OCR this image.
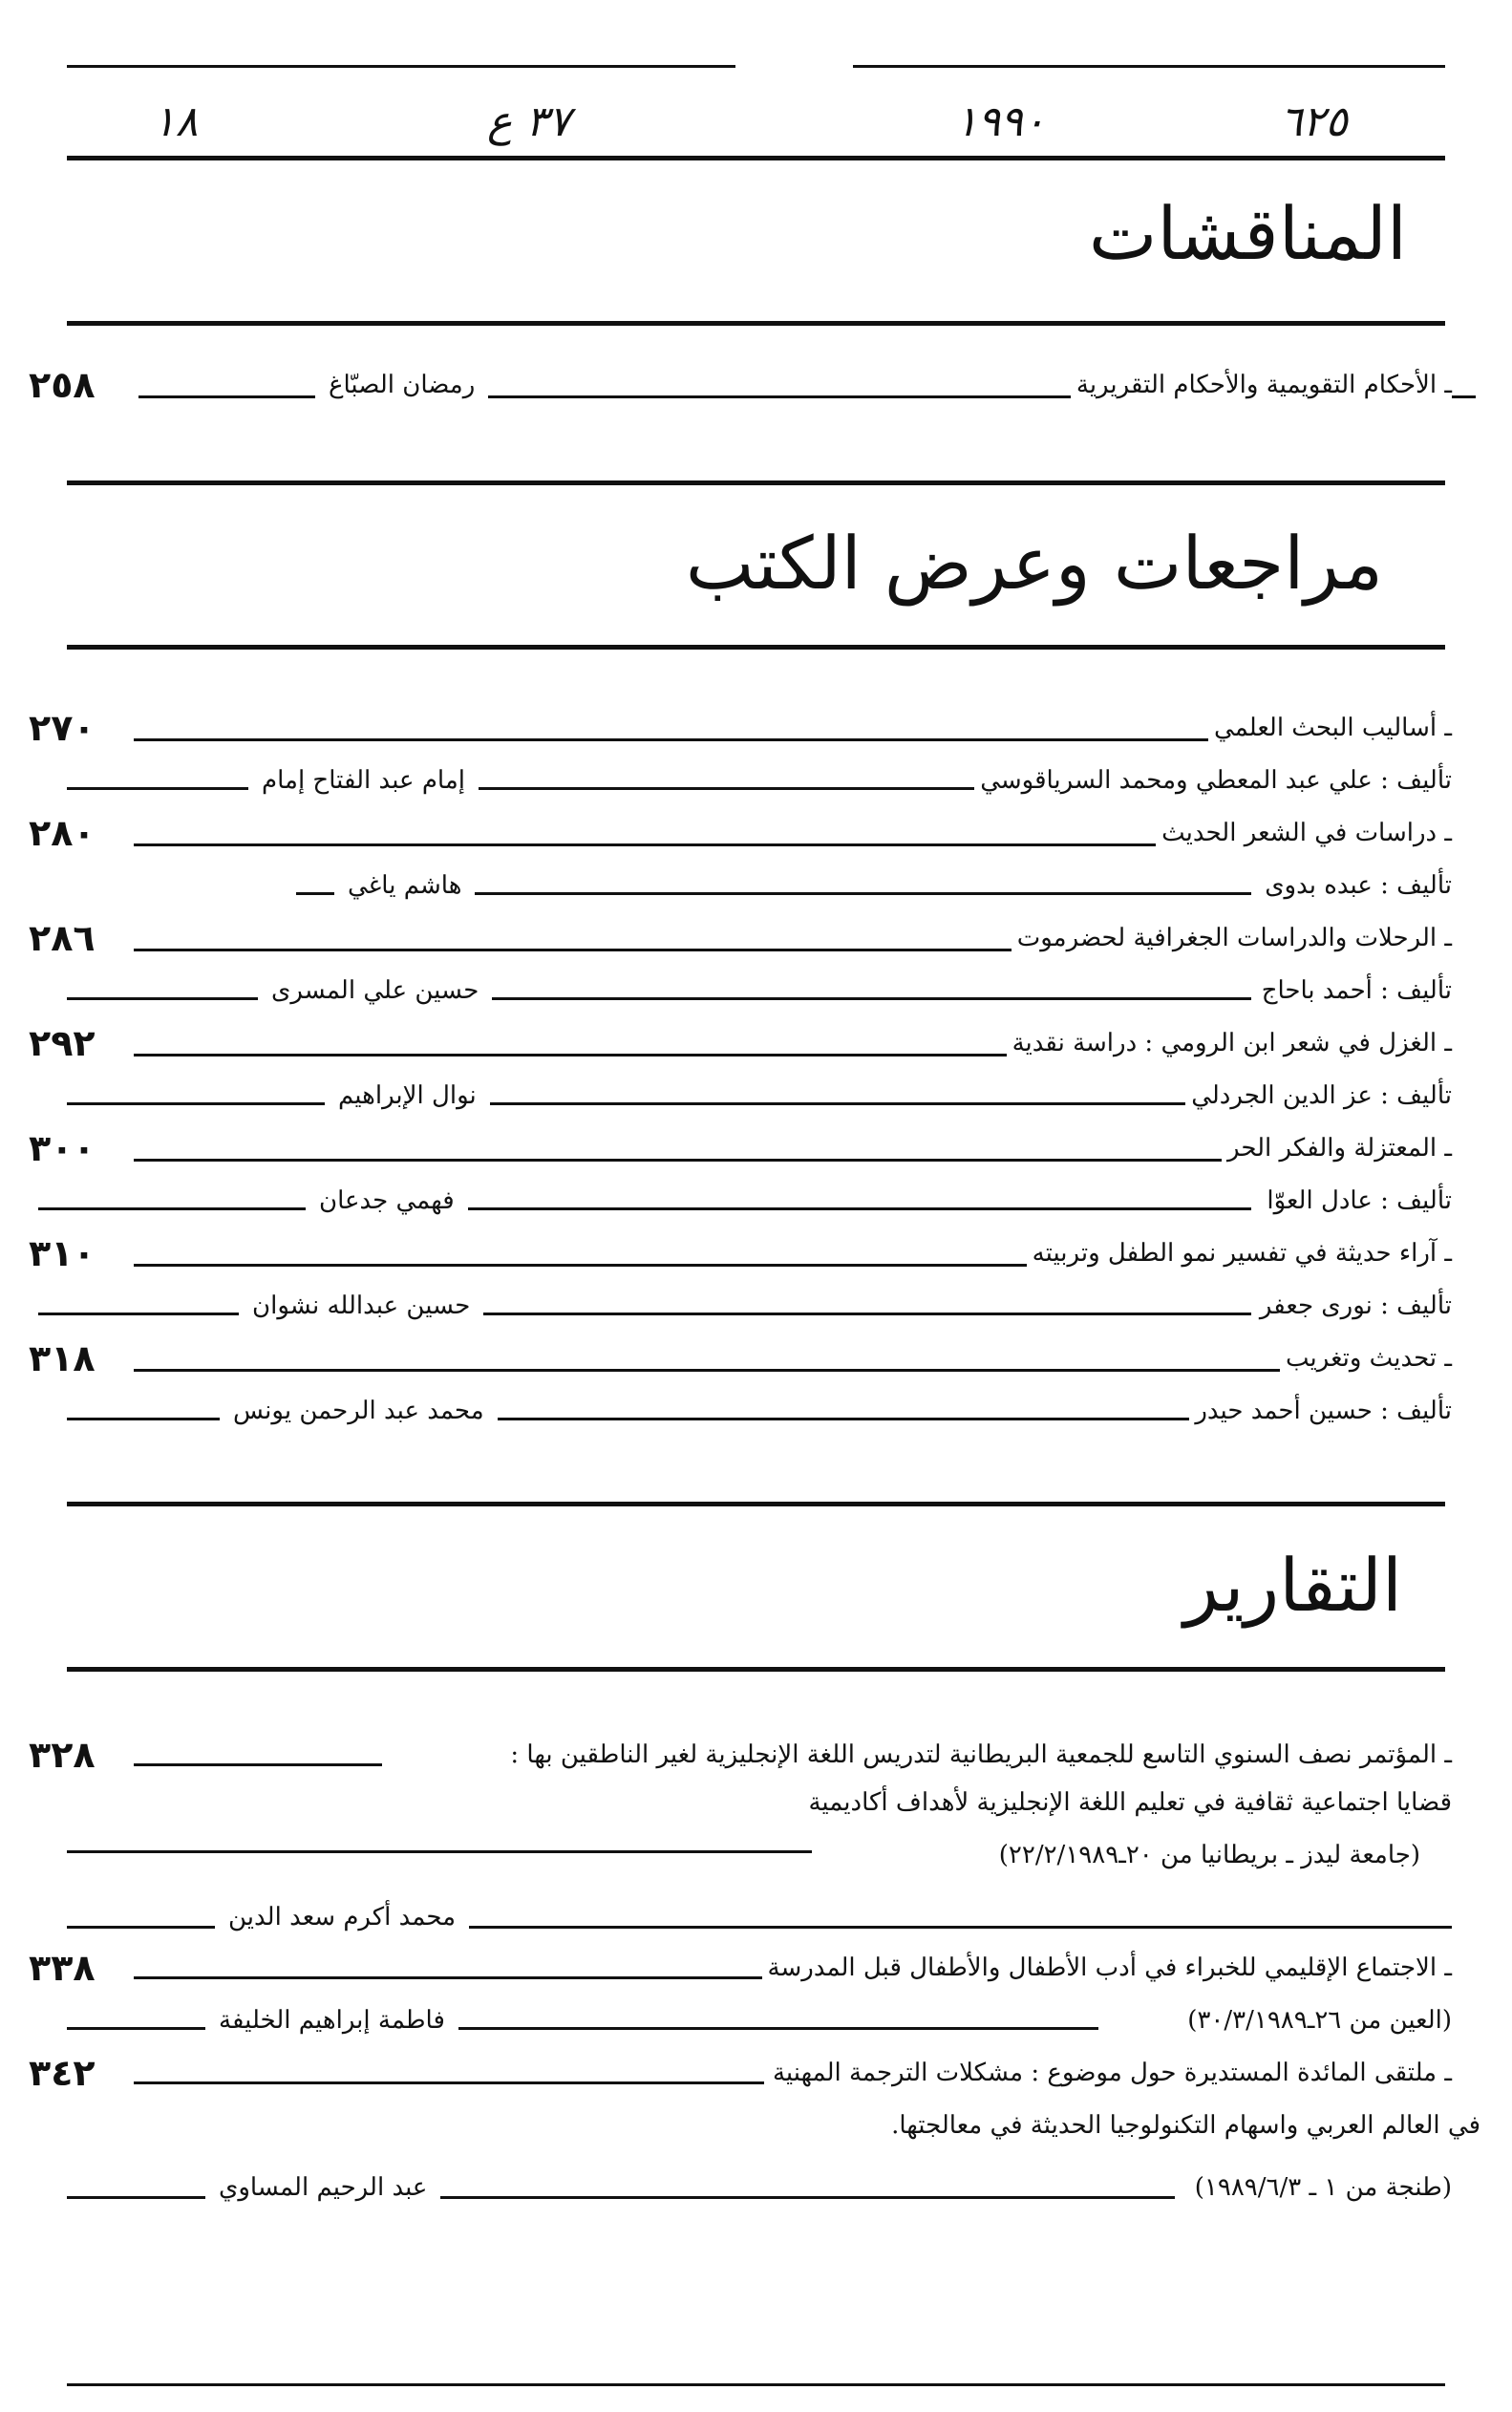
١٨	٣٧ ع	١٩٩٠	٦٢٥
المناقشات
٢٥٨	رمضان الصبّاغ	ـ الأحكام التقويمية والأحكام التقريرية
مراجعات وعرض الكتب
٢٧٠	ـ أساليب البحث العلمي
إمام عبد الفتاح إمام	تأليف : علي عبد المعطي ومحمد السرياقوسي
٢٨٠	ـ دراسات في الشعر الحديث
هاشم ياغي	تأليف : عبده بدوى
٢٨٦	ـ الرحلات والدراسات الجغرافية لحضرموت
حسين علي المسرى	تأليف : أحمد باحاج
٢٩٢	ـ الغزل في شعر ابن الرومي : دراسة نقدية
نوال الإبراهيم	تأليف : عز الدين الجردلي
٣٠٠	ـ المعتزلة والفكر الحر
فهمي جدعان	تأليف : عادل العوّا
٣١٠	ـ آراء حديثة في تفسير نمو الطفل وتربيته
حسين عبدالله نشوان	تأليف : نورى جعفر
٣١٨	ـ تحديث وتغريب
محمد عبد الرحمن يونس	تأليف : حسين أحمد حيدر
التقارير
٣٢٨	ـ المؤتمر نصف السنوي التاسع للجمعية البريطانية لتدريس اللغة الإنجليزية لغير الناطقين بها :
قضايا اجتماعية ثقافية في تعليم اللغة الإنجليزية لأهداف أكاديمية
(جامعة ليدز ـ بريطانيا من ٢٠ـ٢٢/٢/١٩٨٩)
محمد أكرم سعد الدين
٣٣٨	ـ الاجتماع الإقليمي للخبراء في أدب الأطفال والأطفال قبل المدرسة
فاطمة إبراهيم الخليفة	(العين من ٢٦ـ٣٠/٣/١٩٨٩)
٣٤٢	ـ ملتقى المائدة المستديرة حول موضوع : مشكلات الترجمة المهنية
في العالم العربي واسهام التكنولوجيا الحديثة في معالجتها.
عبد الرحيم المساوي	(طنجة من ١ ـ ١٩٨٩/٦/٣)
